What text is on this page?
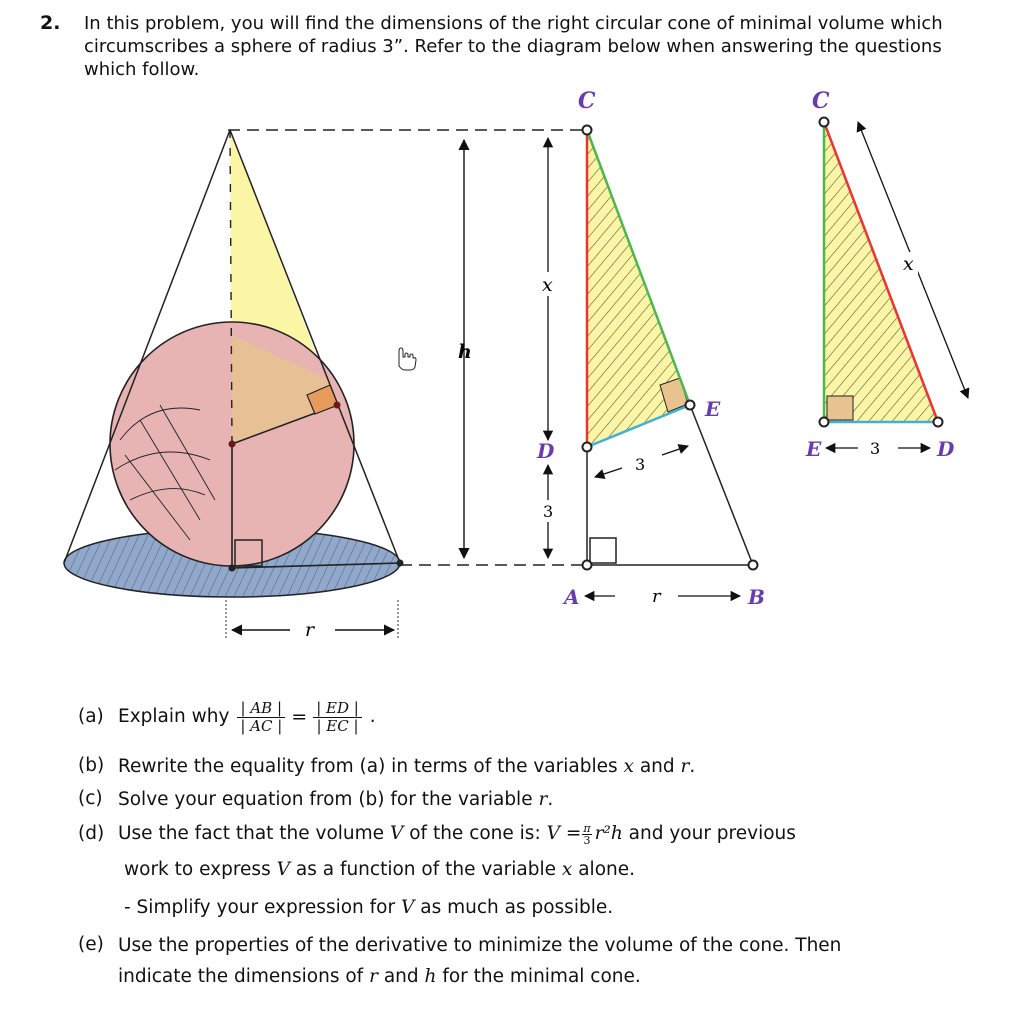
2. In this problem, you will find the dimensions of the right circular cone of minimal volume which circumscribes a sphere of radius 3”. Refer to the diagram below when answering the questions which follow.
h
r
x
3
3
r
C
D
E
A	B
x
3
C
E	D
(a) Explain why $\frac{| AB |}{| AC |} = \frac{| ED |}{| EC |}$ .
(b) Rewrite the equality from (a) in terms of the variables x and r.
(c) Solve your equation from (b) for the variable r.
(d) Use the fact that the volume V of the cone is: $V = \frac{\pi}{3} r^2h$ and your previous
work to express V as a function of the variable x alone.
- Simplify your expression for V as much as possible.
(e) Use the properties of the derivative to minimize the volume of the cone. Then
indicate the dimensions of r and h for the minimal cone.
